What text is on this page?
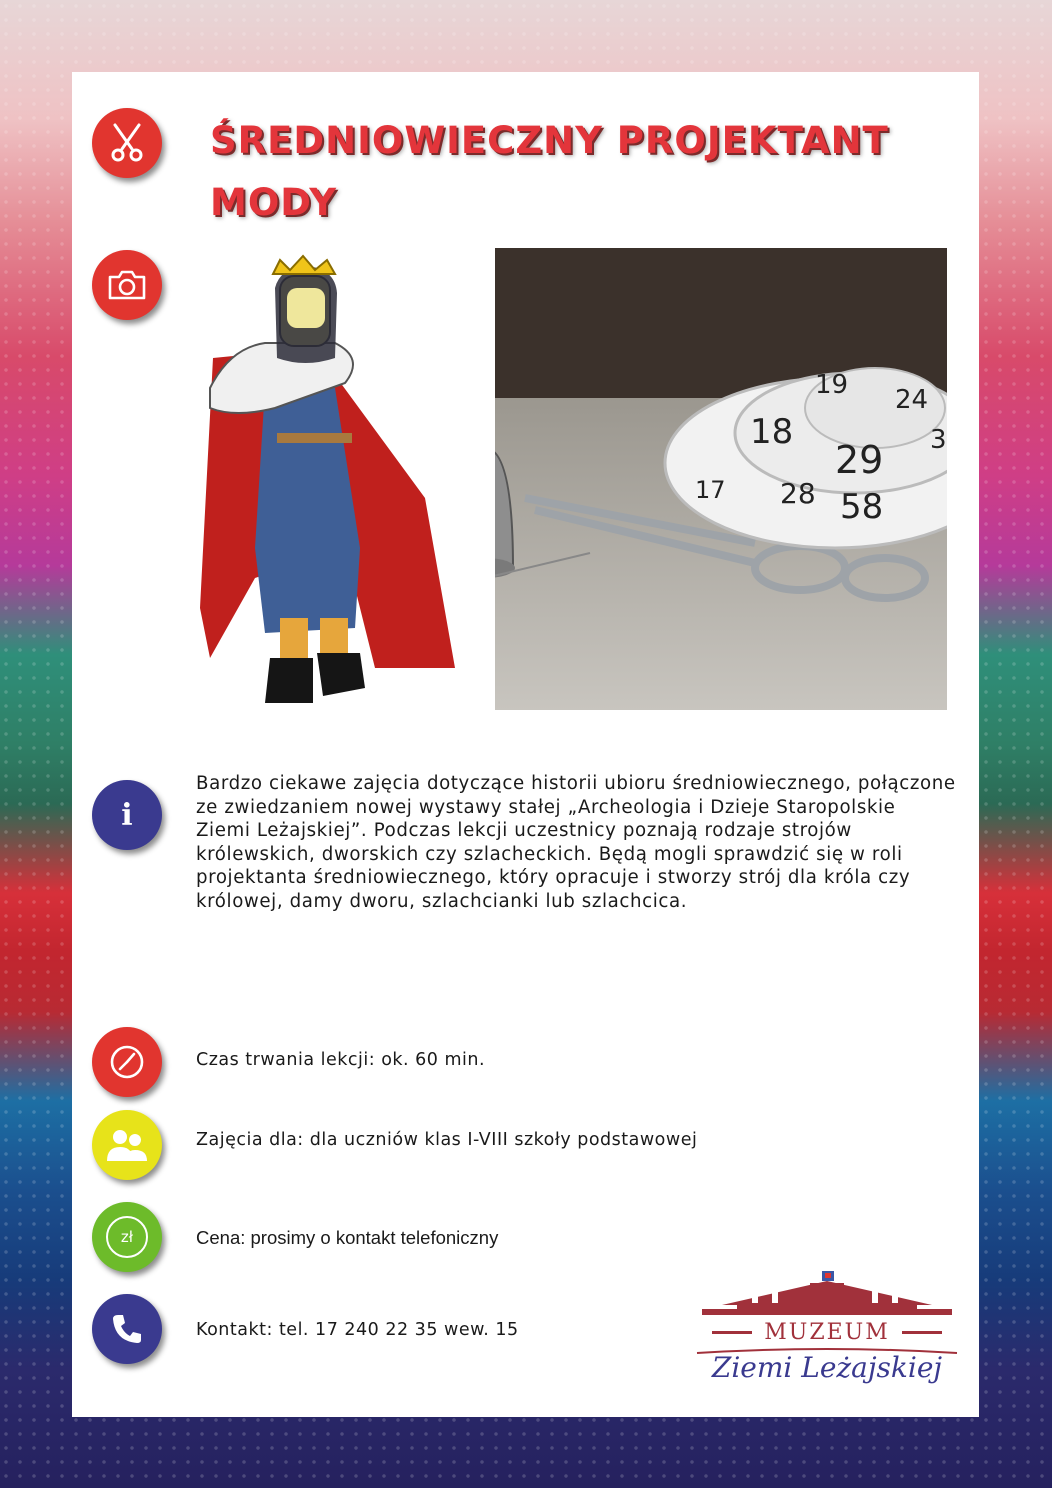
ŚREDNIOWIECZNY PROJEKTANT
MODY
19
18
24
29
28 58
17
3
i
Bardzo ciekawe zajęcia dotyczące historii ubioru średniowiecznego, połączone ze zwiedzaniem nowej wystawy stałej „Archeologia i Dzieje Staropolskie Ziemi Leżajskiej”. Podczas lekcji uczestnicy poznają rodzaje strojów królewskich, dworskich czy szlacheckich. Będą mogli sprawdzić się w roli projektanta średniowiecznego, który opracuje i stworzy strój dla króla czy królowej, damy dworu, szlachcianki lub szlachcica.
Czas trwania lekcji: ok. 60 min.
Zajęcia dla: dla uczniów klas I-VIII szkoły podstawowej
zł	Cena: prosimy o kontakt telefoniczny
Kontakt: tel. 17 240 22 35 wew. 15	MUZEUM
Ziemi Leżajskiej
